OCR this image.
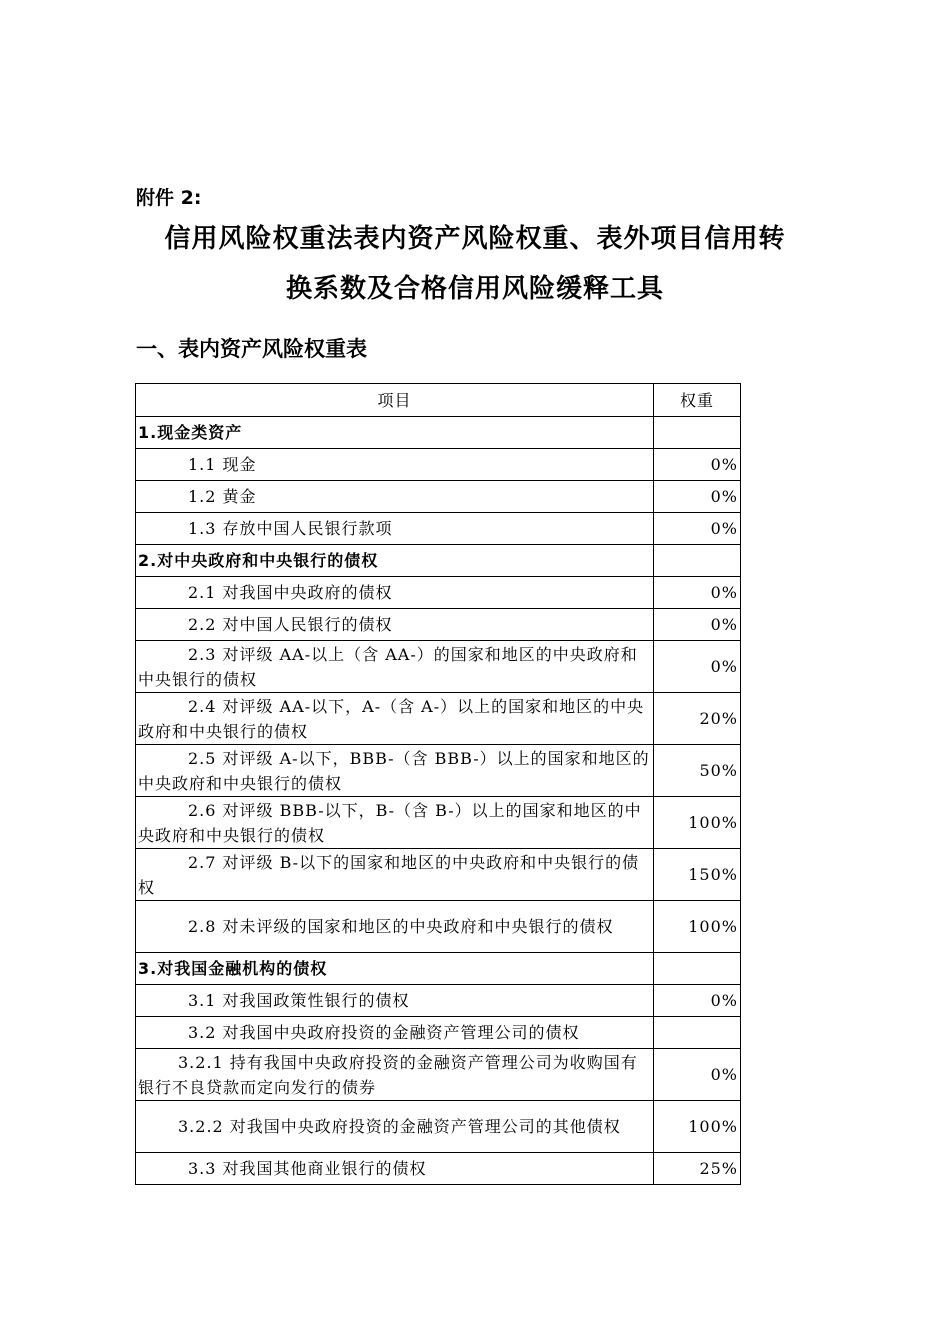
附件 2:
信用风险权重法表内资产风险权重、表外项目信用转
换系数及合格信用风险缓释工具
一、表内资产风险权重表
项目	权重
1.现金类资产	
1.1 现金	0%
1.2 黄金	0%
1.3 存放中国人民银行款项	0%
2.对中央政府和中央银行的债权	
2.1 对我国中央政府的债权	0%
2.2 对中国人民银行的债权	0%
2.3 对评级 AA-以上（含 AA-）的国家和地区的中央政府和中央银行的债权	0%
2.4 对评级 AA-以下，A-（含 A-）以上的国家和地区的中央政府和中央银行的债权	20%
2.5 对评级 A-以下，BBB-（含 BBB-）以上的国家和地区的中央政府和中央银行的债权	50%
2.6 对评级 BBB-以下，B-（含 B-）以上的国家和地区的中央政府和中央银行的债权	100%
2.7 对评级 B-以下的国家和地区的中央政府和中央银行的债权	150%
2.8 对未评级的国家和地区的中央政府和中央银行的债权	100%
3.对我国金融机构的债权	
3.1 对我国政策性银行的债权	0%
3.2 对我国中央政府投资的金融资产管理公司的债权	
3.2.1 持有我国中央政府投资的金融资产管理公司为收购国有银行不良贷款而定向发行的债券	0%
3.2.2 对我国中央政府投资的金融资产管理公司的其他债权	100%
3.3 对我国其他商业银行的债权	25%
